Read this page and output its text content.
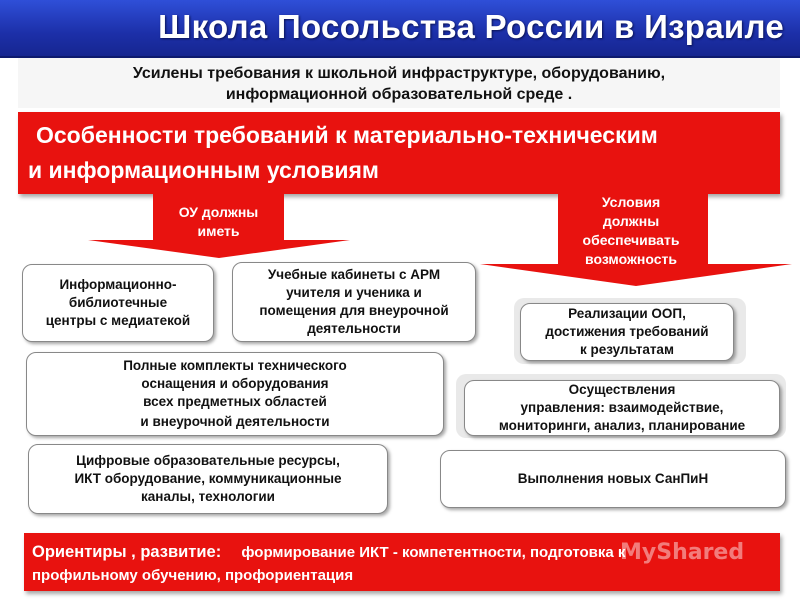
Школа Посольства России в Израиле
Усилены требования к школьной инфраструктуре, оборудованию,
информационной образовательной среде .
Особенности требований к материально-техническим
и информационным условиям
ОУ должны
иметь
Условия
должны
обеспечивать
возможность
Информационно-
библиотечные
центры с медиатекой
Учебные кабинеты с АРМ
учителя и ученика и
помещения для внеурочной
деятельности
Полные комплекты технического
оснащения и оборудования
всех предметных областей
и внеурочной деятельности
Цифровые образовательные ресурсы,
ИКТ оборудование, коммуникационные
каналы, технологии
Реализации ООП,
достижения требований
к результатам
Осуществления
управления: взаимодействие,
мониторинги, анализ, планирование
Выполнения новых СанПиН
Ориентиры , развитие: формирование ИКТ - компетентности, подготовка к
профильному обучению, профориентация
MyShared
